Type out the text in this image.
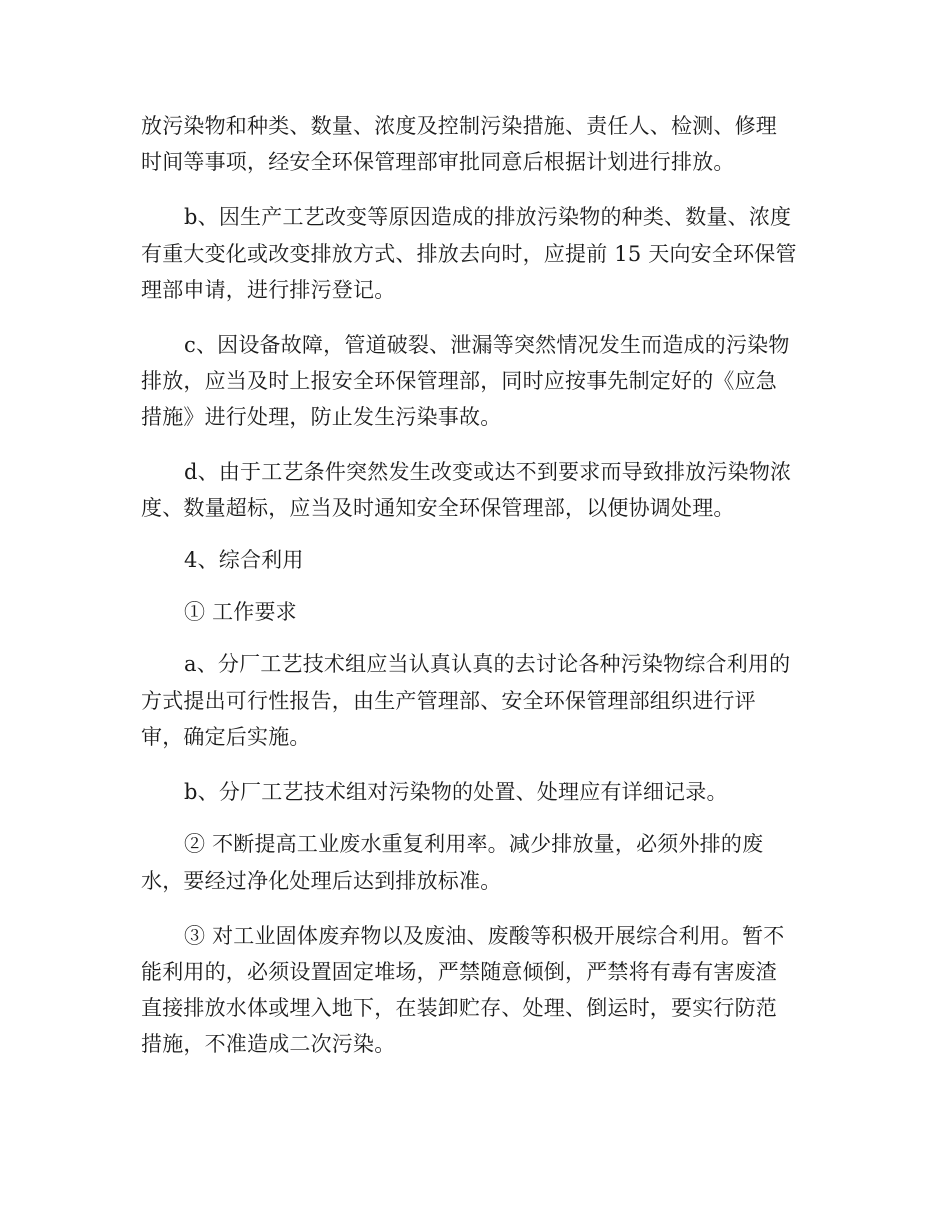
放污染物和种类、数量、浓度及控制污染措施、责任人、检测、修理
时间等事项，经安全环保管理部审批同意后根据计划进行排放。
b、因生产工艺改变等原因造成的排放污染物的种类、数量、浓度
有重大变化或改变排放方式、排放去向时，应提前 15 天向安全环保管
理部申请，进行排污登记。
c、因设备故障，管道破裂、泄漏等突然情况发生而造成的污染物
排放，应当及时上报安全环保管理部，同时应按事先制定好的《应急
措施》进行处理，防止发生污染事故。
d、由于工艺条件突然发生改变或达不到要求而导致排放污染物浓
度、数量超标，应当及时通知安全环保管理部，以便协调处理。
4、综合利用
① 工作要求
a、分厂工艺技术组应当认真认真的去讨论各种污染物综合利用的
方式提出可行性报告，由生产管理部、安全环保管理部组织进行评
审，确定后实施。
b、分厂工艺技术组对污染物的处置、处理应有详细记录。
② 不断提高工业废水重复利用率。减少排放量，必须外排的废
水，要经过净化处理后达到排放标准。
③ 对工业固体废弃物以及废油、废酸等积极开展综合利用。暂不
能利用的，必须设置固定堆场，严禁随意倾倒，严禁将有毒有害废渣
直接排放水体或埋入地下，在装卸贮存、处理、倒运时，要实行防范
措施，不准造成二次污染。
